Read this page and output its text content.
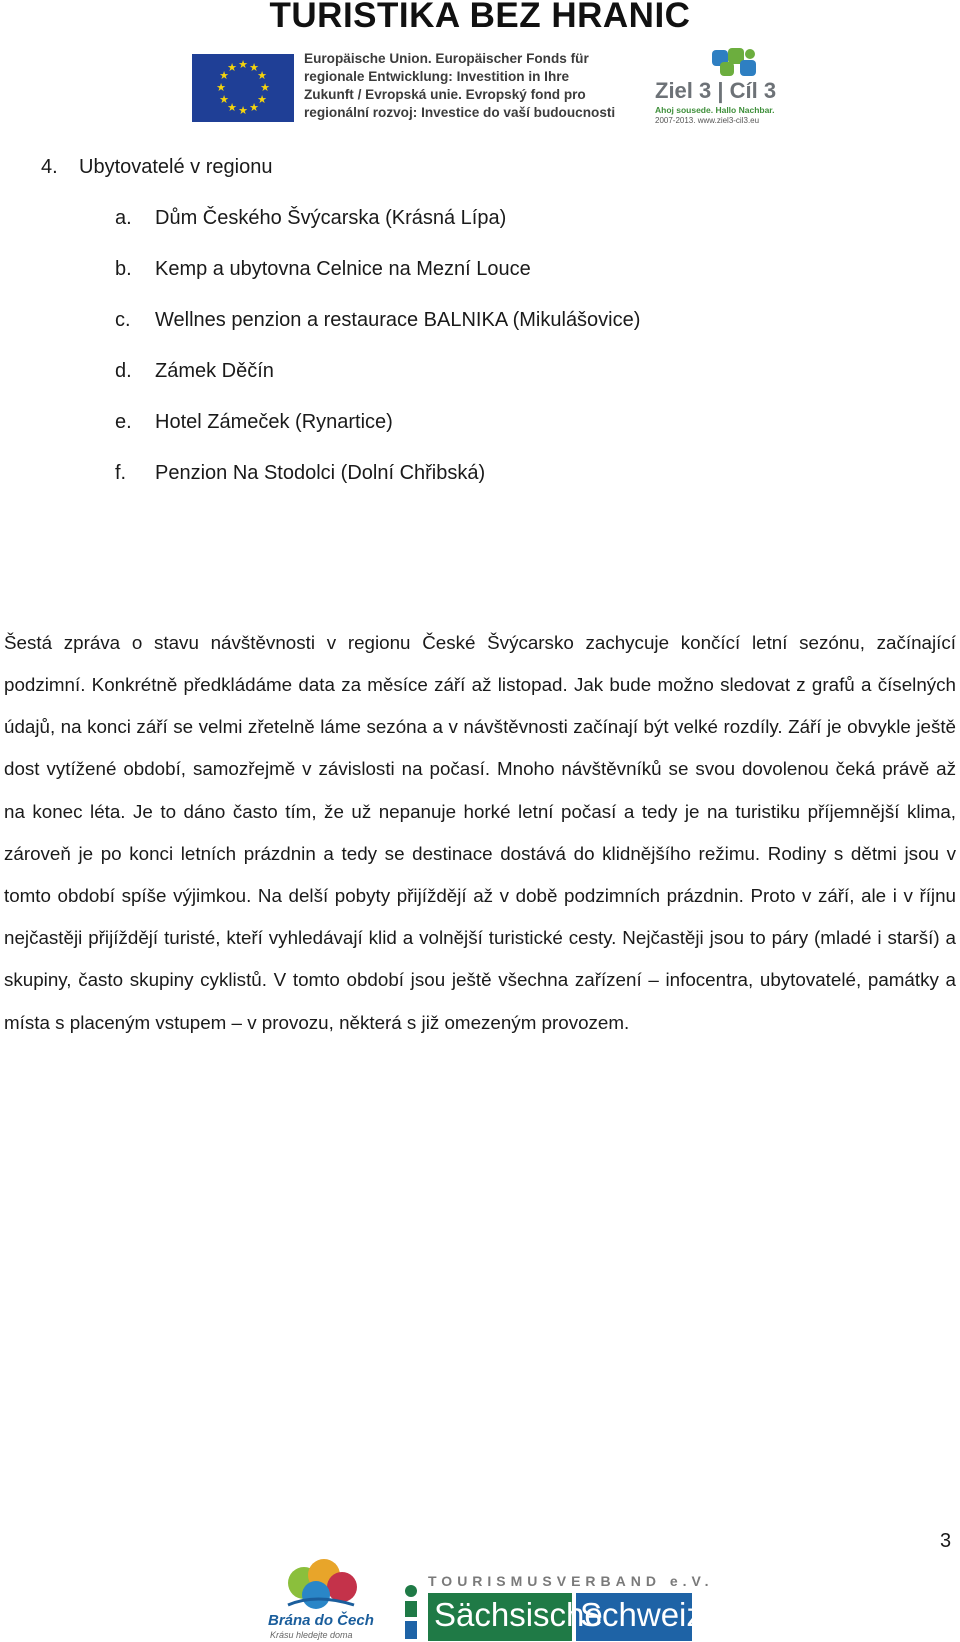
TURISTIKA BEZ HRANIC
★ ★
★
★
★
★
★
★
★
★
★
★
Europäische Union. Europäischer Fonds für
regionale Entwicklung: Investition in Ihre
Zukunft / Evropská unie. Evropský fond pro
regionální rozvoj: Investice do vaší budoucnosti
Ziel 3 | Cíl 3
Ahoj sousede. Hallo Nachbar.
2007-2013. www.ziel3-cil3.eu
4. Ubytovatelé v regionu
a. Dům Českého Švýcarska (Krásná Lípa)
b. Kemp a ubytovna Celnice na Mezní Louce
c. Wellnes penzion a restaurace BALNIKA (Mikulášovice)
d. Zámek Děčín
e. Hotel Zámeček (Rynartice)
f. Penzion Na Stodolci (Dolní Chřibská)

Šestá zpráva o stavu návštěvnosti v regionu České Švýcarsko zachycuje končící letní sezónu, začínající podzimní. Konkrétně předkládáme data za měsíce září až listopad. Jak bude možno sledovat z grafů a číselných údajů, na konci září se velmi zřetelně láme sezóna a v návštěvnosti začínají být velké rozdíly. Září je obvykle ještě dost vytížené období, samozřejmě v závislosti na počasí. Mnoho návštěvníků se svou dovolenou čeká právě až na konec léta. Je to dáno často tím, že už nepanuje horké letní počasí a tedy je na turistiku příjemnější klima, zároveň je po konci letních prázdnin a tedy se destinace dostává do klidnějšího režimu. Rodiny s dětmi jsou v tomto období spíše výjimkou. Na delší pobyty přijíždějí až v době podzimních prázdnin. Proto v září, ale i v říjnu nejčastěji přijíždějí turisté, kteří vyhledávají klid a volnější turistické cesty. Nejčastěji jsou to páry (mladé i starší) a skupiny, často skupiny cyklistů. V tomto období jsou ještě všechna zařízení – infocentra, ubytovatelé, památky a místa s placeným vstupem – v provozu, některá s již omezeným provozem.

3
Brána do Čech
Krásu hledejte doma
TOURISMUSVERBAND e.V.
Sächsische
Schweiz
